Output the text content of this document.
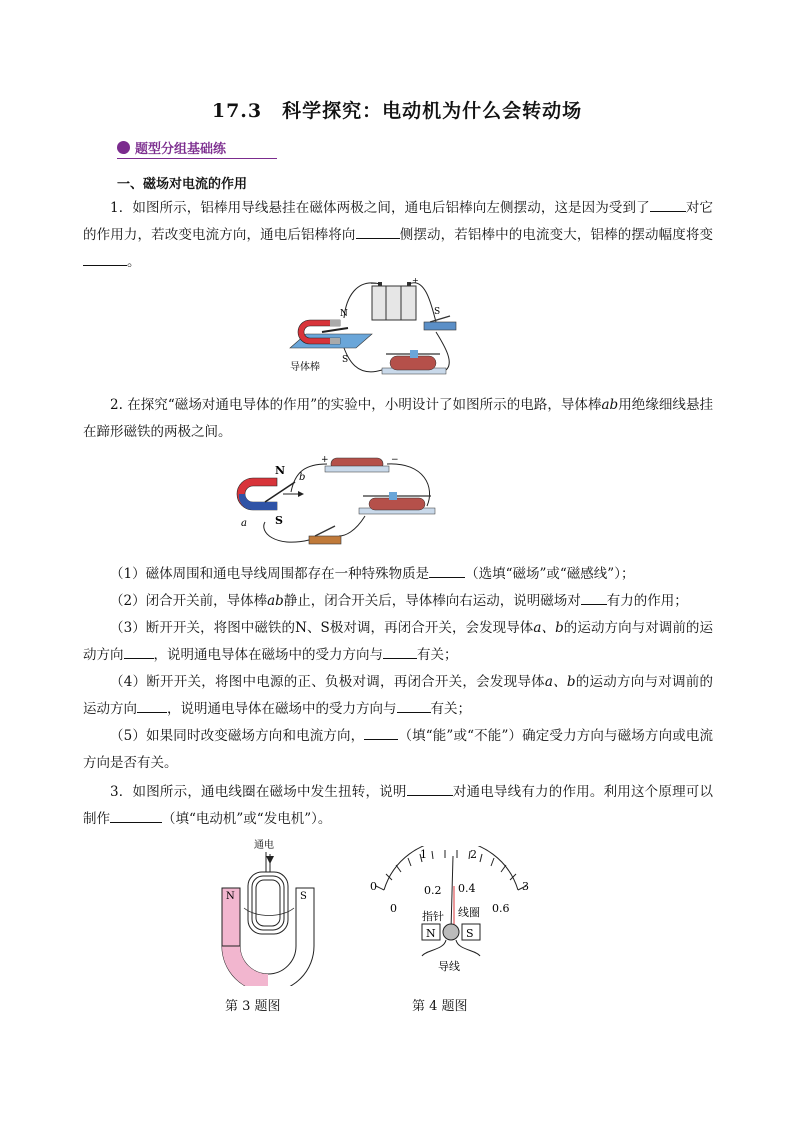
17.3　科学探究：电动机为什么会转动场
题型分组基础练
一、磁场对电流的作用
1．如图所示，铝棒用导线悬挂在磁体两极之间，通电后铝棒向左侧摆动，这是因为受到了	对它的作用力，若改变电流方向，通电后铝棒将向	侧摆动，若铝棒中的电流变大，铝棒的摆动幅度将变。
−	+
S
N
S
导体棒
2. 在探究“磁场对通电导体的作用”的实验中，小明设计了如图所示的电路，导体棒ab用绝缘细线悬挂在蹄形磁铁的两极之间。
+	−
N
S
a
b
（1）磁体周围和通电导线周围都存在一种特殊物质是	（选填“磁场”或“磁感线”）；
（2）闭合开关前，导体棒ab静止，闭合开关后，导体棒向右运动，说明磁场对 有力的作用；
（3）断开开关，将图中磁铁的N、S极对调，再闭合开关，会发现导体a、b的运动方向与对调前的运动方向 ，说明通电导体在磁场中的受力方向与	有关；
（4）断开开关，将图中电源的正、负极对调，再闭合开关，会发现导体a、b的运动方向与对调前的运动方向 ，说明通电导体在磁场中的受力方向与	有关；
（5）如果同时改变磁场方向和电流方向，	（填“能”或“不能”）确定受力方向与磁场方向或电流方向是否有关。
3．如图所示，通电线圈在磁场中发生扭转，说明	对通电导线有力的作用。利用这个原理可以制作	（填“电动机”或“发电机”）。
通电
N	S
第 3 题图
0
1	2
3
0
0.2 0.4
0.6
指针 线圈
N	S
导线
第 4 题图
